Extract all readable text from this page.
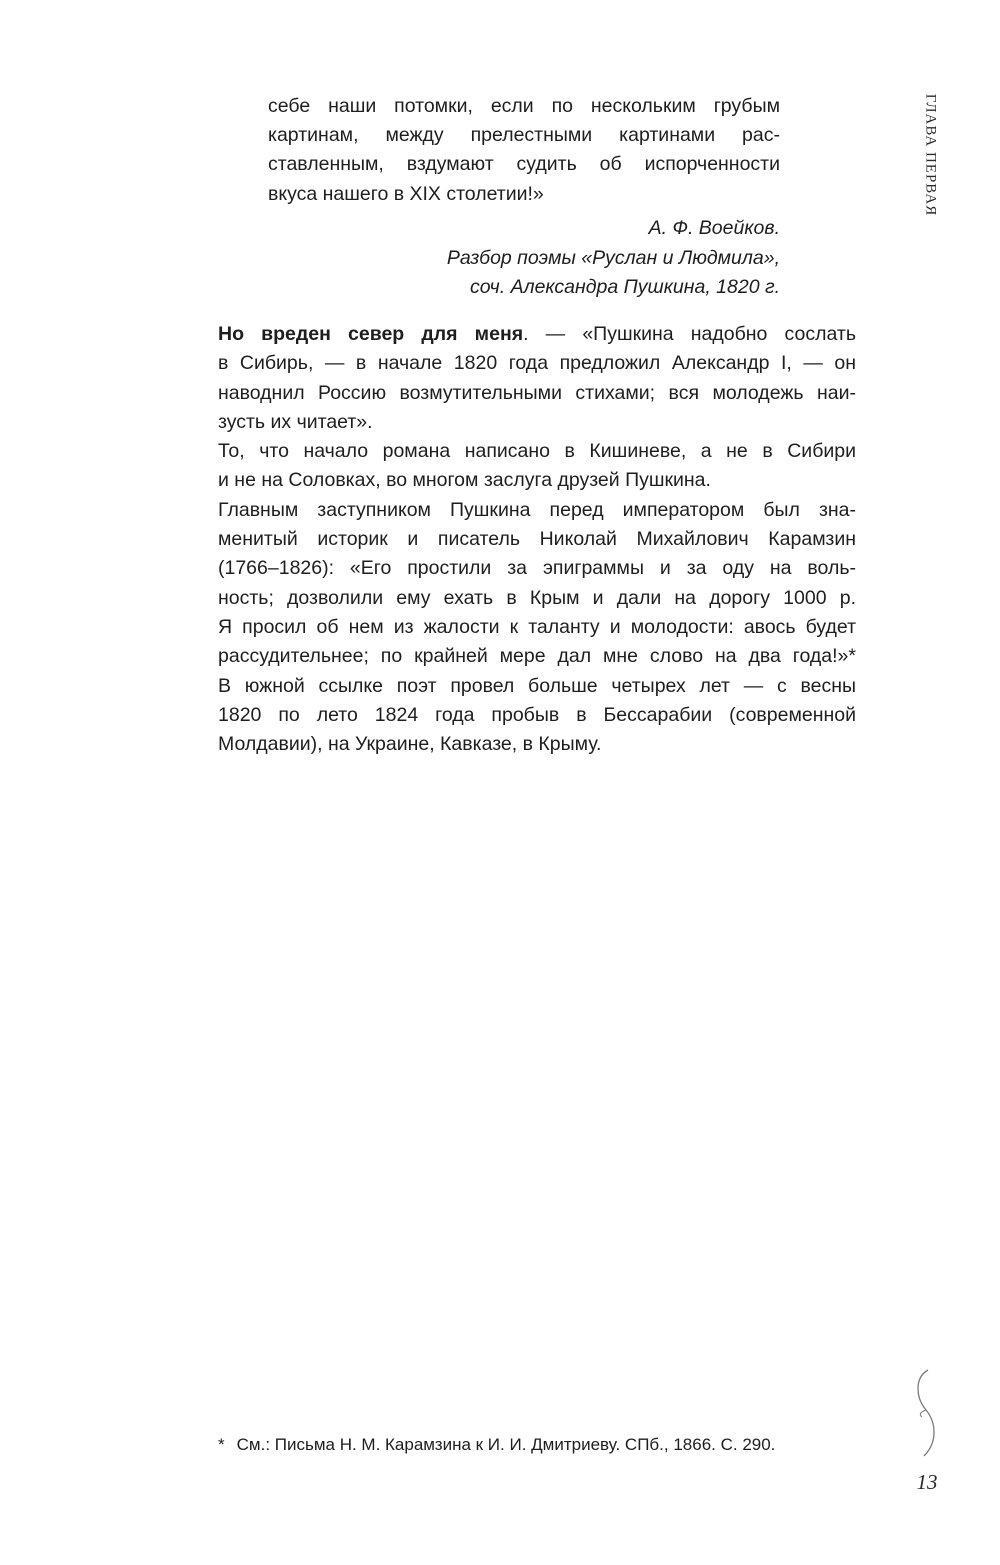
ГЛАВА ПЕРВАЯ
себе наши потомки, если по нескольким грубым
картинам, между прелестными картинами рас-
ставленным, вздумают судить об испорченности
вкуса нашего в XIX столетии!»
А. Ф. Воейков.
Разбор поэмы «Руслан и Людмила»,
соч. Александра Пушкина, 1820 г.
Но вреден север для меня. — «Пушкина надобно сослать
в Сибирь, — в начале 1820 года предложил Александр I, — он
наводнил Россию возмутительными стихами; вся молодежь наи-
зусть их читает».
То, что начало романа написано в Кишиневе, а не в Сибири
и не на Соловках, во многом заслуга друзей Пушкина.
Главным заступником Пушкина перед императором был зна-
менитый историк и писатель Николай Михайлович Карамзин
(1766–1826): «Его простили за эпиграммы и за оду на воль-
ность; дозволили ему ехать в Крым и дали на дорогу 1000 р.
Я просил об нем из жалости к таланту и молодости: авось будет
рассудительнее; по крайней мере дал мне слово на два года!»*
В южной ссылке поэт провел больше четырех лет — с весны
1820 по лето 1824 года пробыв в Бессарабии (современной
Молдавии), на Украине, Кавказе, в Крыму.
* См.: Письма Н. М. Карамзина к И. И. Дмитриеву. СПб., 1866. С. 290.
13
